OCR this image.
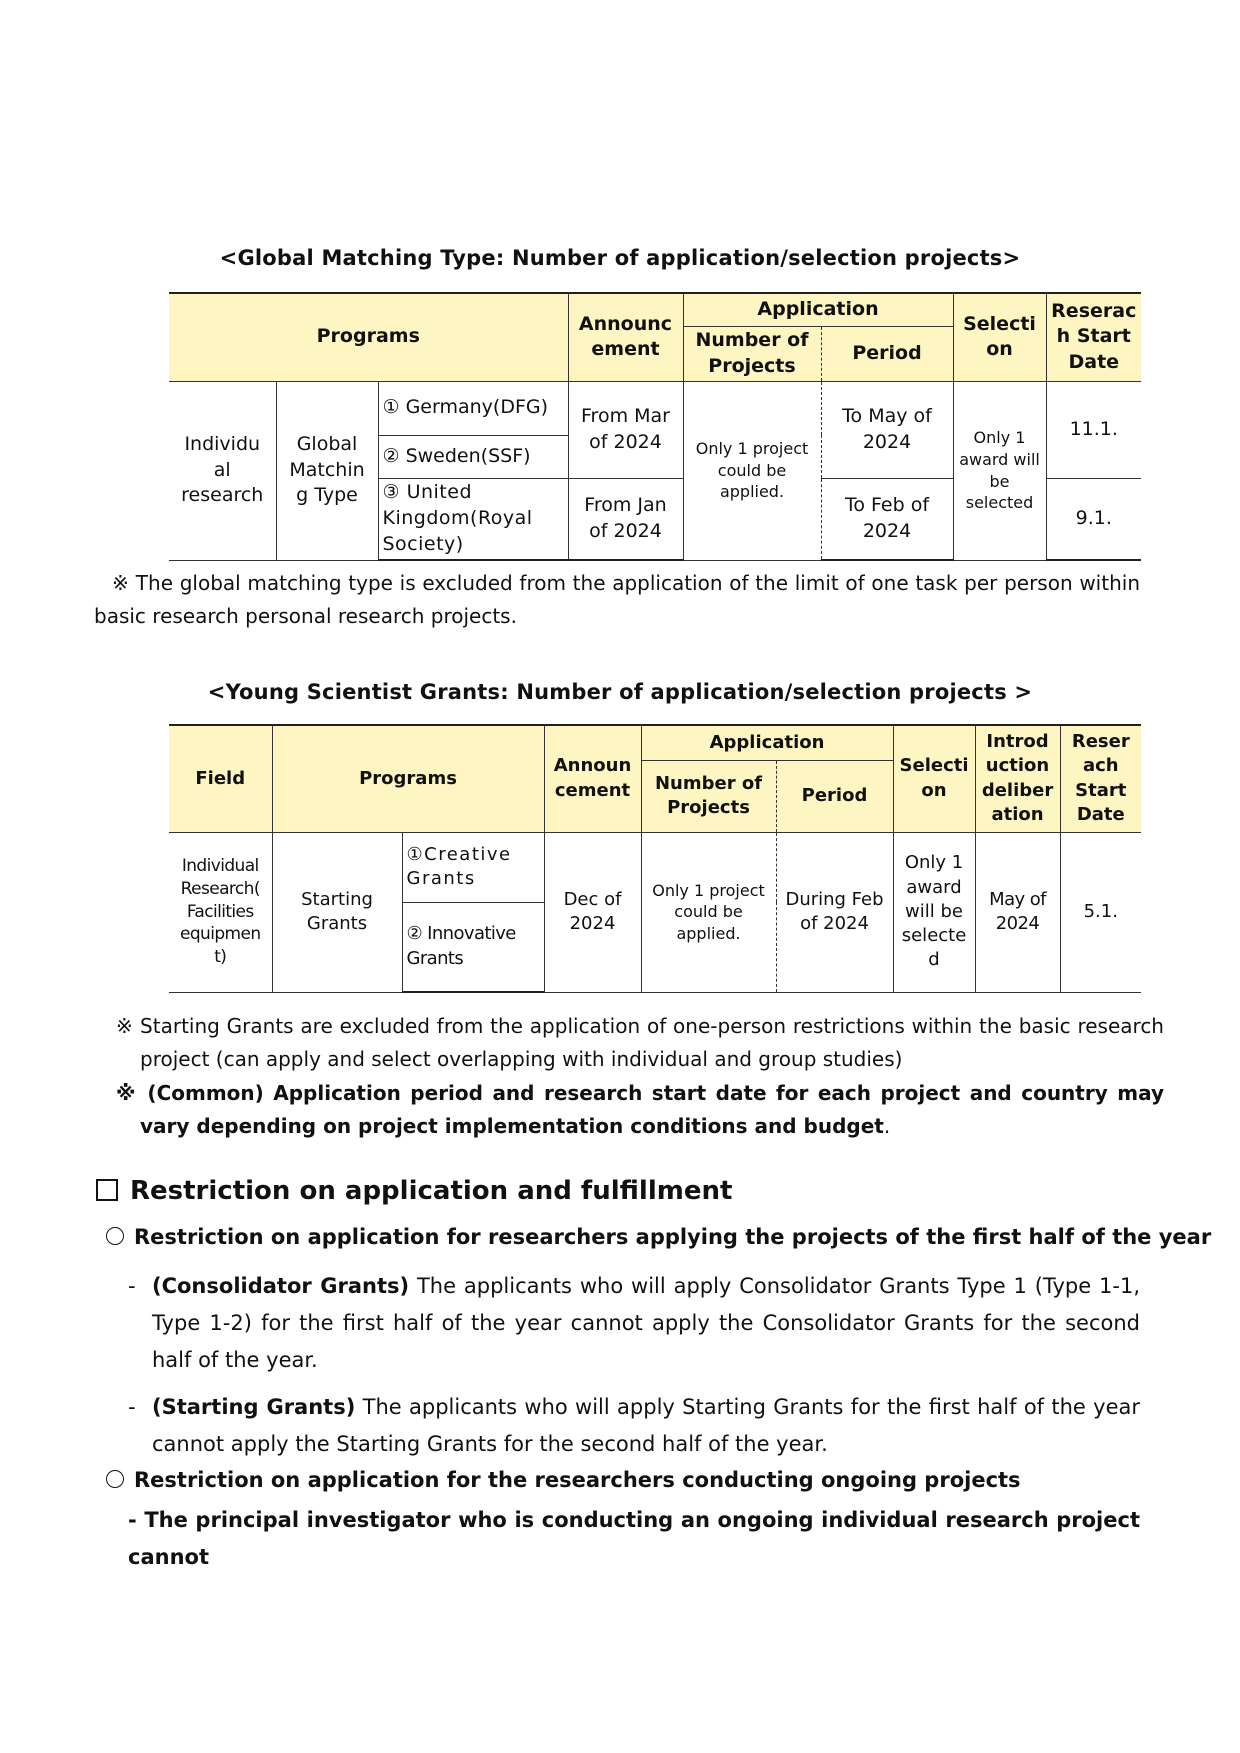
<Global Matching Type: Number of application/selection projects>
Programs			Announc ement	Application		Selecti on	Reserac h Start Date
				Number of Projects	Period		
Individu al research	Global Matchin g Type	① Germany(DFG)	From Mar of 2024	Only 1 project could be applied.	To May of 2024	Only 1 award will be selected	11.1.
		② Sweden(SSF)					
		③ United Kingdom(Royal Society)	From Jan of 2024		To Feb of 2024		9.1.
※ The global matching type is excluded from the application of the limit of one task per person within basic research personal research projects.
<Young Scientist Grants: Number of application/selection projects >
Field	Programs		Announ cement	Application		Selecti on	Introd uction deliber ation	Reser ach Start Date
				Number of Projects	Period			
Individual Research( Facilities equipmen t)	Starting Grants	①Creative Grants	Dec of 2024	Only 1 project could be applied.	During Feb of 2024	Only 1 award will be selecte d	May of 2024	5.1.
		② Innovative Grants						
※ Starting Grants are excluded from the application of one-person restrictions within the basic research project (can apply and select overlapping with individual and group studies)
※ (Common) Application period and research start date for each project and country may vary depending on project implementation conditions and budget.
Restriction on application and fulfillment
Restriction on application for researchers applying the projects of the first half of the year
- (Consolidator Grants) The applicants who will apply Consolidator Grants Type 1 (Type 1-1, Type 1-2) for the first half of the year cannot apply the Consolidator Grants for the second half of the year.
- (Starting Grants) The applicants who will apply Starting Grants for the first half of the year cannot apply the Starting Grants for the second half of the year.
Restriction on application for the researchers conducting ongoing projects
- The principal investigator who is conducting an ongoing individual research project cannot
